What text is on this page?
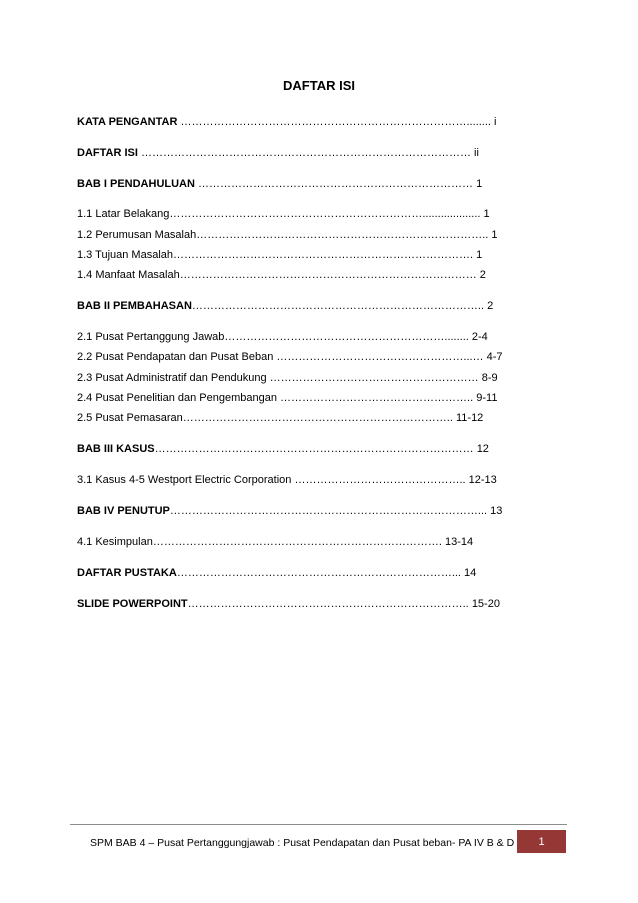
DAFTAR ISI
KATA PENGANTAR ……………………………………………………………………........ i
DAFTAR ISI ……………………………………………………………………………… ii
BAB I PENDAHULUAN ………………………………………………………………… 1
1.1 Latar Belakang……………………………………………………………................... 1
1.2 Perumusan Masalah…………………………………………………………………….. 1
1.3 Tujuan Masalah………………………………………………………………………. 1
1.4 Manfaat Masalah……………………………………………………………………… 2
BAB II PEMBAHASAN…………………………………………………………………….. 2
2.1 Pusat Pertanggung Jawab……………………………………………………........ 2-4
2.2 Pusat Pendapatan dan Pusat Beban ……………………………………………...… 4-7
2.3 Pusat Administratif dan Pendukung ………………………………………………… 8-9
2.4 Pusat Penelitian dan Pengembangan …………………………………………….. 9-11
2.5 Pusat Pemasaran……………………………………………………………….. 11-12
BAB III KASUS…………………………………………………………………………… 12
3.1 Kasus 4-5 Westport Electric Corporation ……………………………………….. 12-13
BAB IV PENUTUP…………………………………………………………………………... 13
4.1 Kesimpulan……………………………………………………………………. 13-14
DAFTAR PUSTAKA…………………………………………………………………... 14
SLIDE POWERPOINT………………………………………………………………….. 15-20
SPM BAB 4 – Pusat Pertanggungjawab : Pusat Pendapatan dan Pusat beban- PA IV B & D	1
